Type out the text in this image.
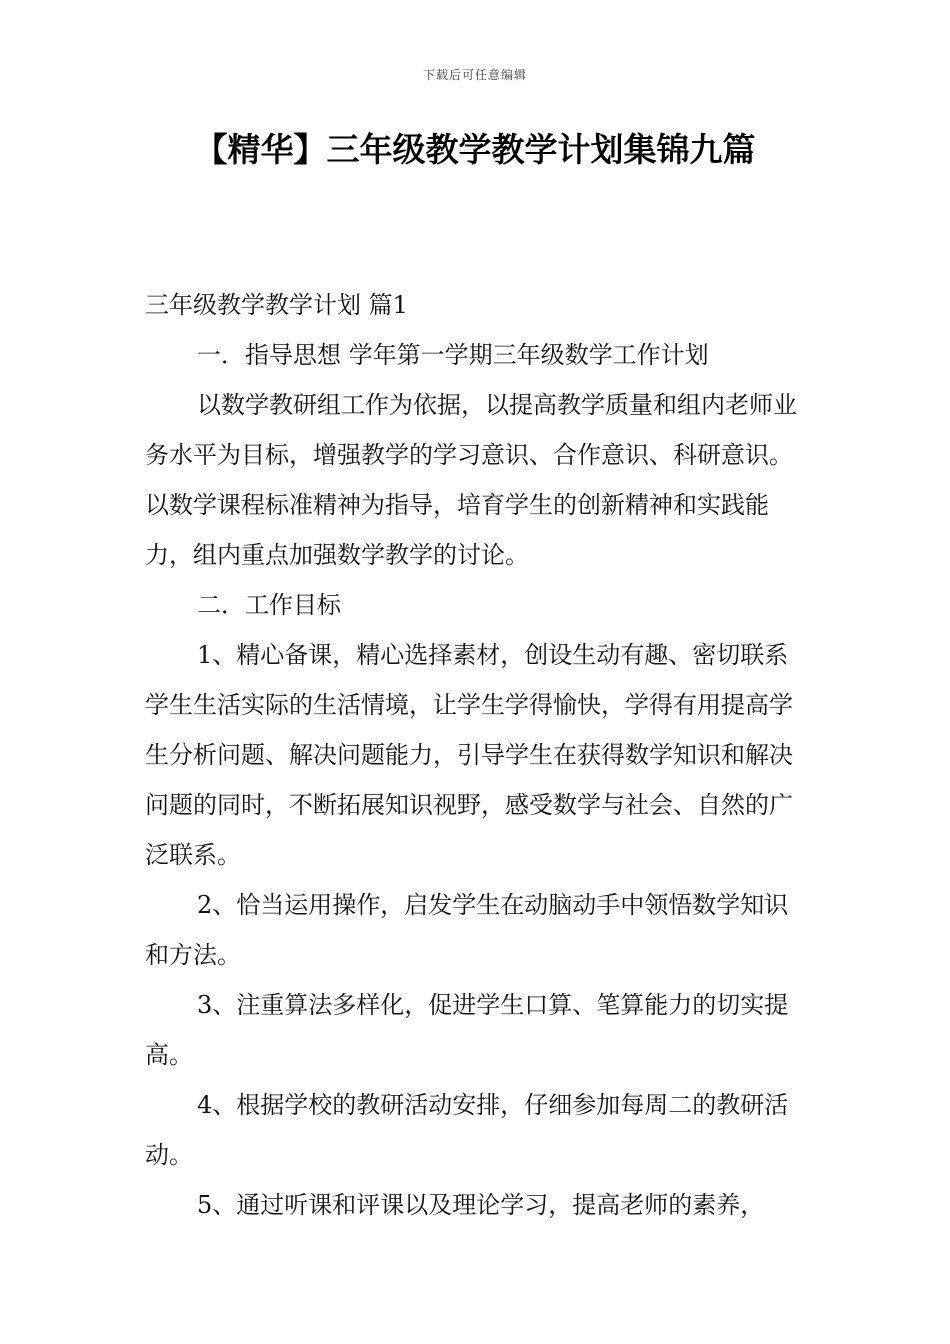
下载后可任意编辑
【精华】三年级教学教学计划集锦九篇

三年级教学教学计划 篇1

一．指导思想 学年第一学期三年级数学工作计划

以数学教研组工作为依据，以提高教学质量和组内老师业务水平为目标，增强教学的学习意识、合作意识、科研意识。以数学课程标准精神为指导，培育学生的创新精神和实践能力，组内重点加强数学教学的讨论。

二．工作目标

1、精心备课，精心选择素材，创设生动有趣、密切联系学生生活实际的生活情境，让学生学得愉快，学得有用提高学生分析问题、解决问题能力，引导学生在获得数学知识和解决问题的同时，不断拓展知识视野，感受数学与社会、自然的广泛联系。

2、恰当运用操作，启发学生在动脑动手中领悟数学知识和方法。

3、注重算法多样化，促进学生口算、笔算能力的切实提高。

4、根据学校的教研活动安排，仔细参加每周二的教研活动。

5、通过听课和评课以及理论学习，提高老师的素养，
